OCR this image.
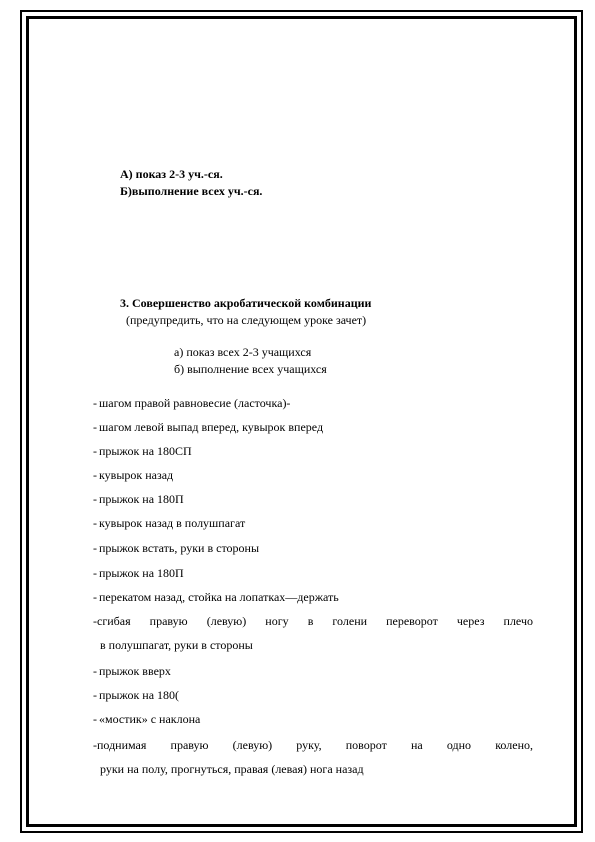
А) показ 2-3 уч.-ся.
Б)выполнение всех уч.-ся.
3. Совершенство акробатической комбинации
(предупредить, что на следующем уроке зачет)
а) показ всех 2-3 учащихся
б) выполнение всех учащихся
- шагом правой равновесие (ласточка)-
- шагом левой выпад вперед, кувырок вперед
- прыжок на 180СП
- кувырок назад
- прыжок на 180П
- кувырок назад в полушпагат
- прыжок встать, руки в стороны
- прыжок на 180П
- перекатом назад, стойка на лопатках—держать
-сгибая правую (левую) ногу в голени переворот через плечо
в полушпагат, руки в стороны
- прыжок вверх
- прыжок на 180(
- «мостик» с наклона
-поднимая правую (левую) руку, поворот на одно колено,
руки на полу, прогнуться, правая (левая) нога назад
